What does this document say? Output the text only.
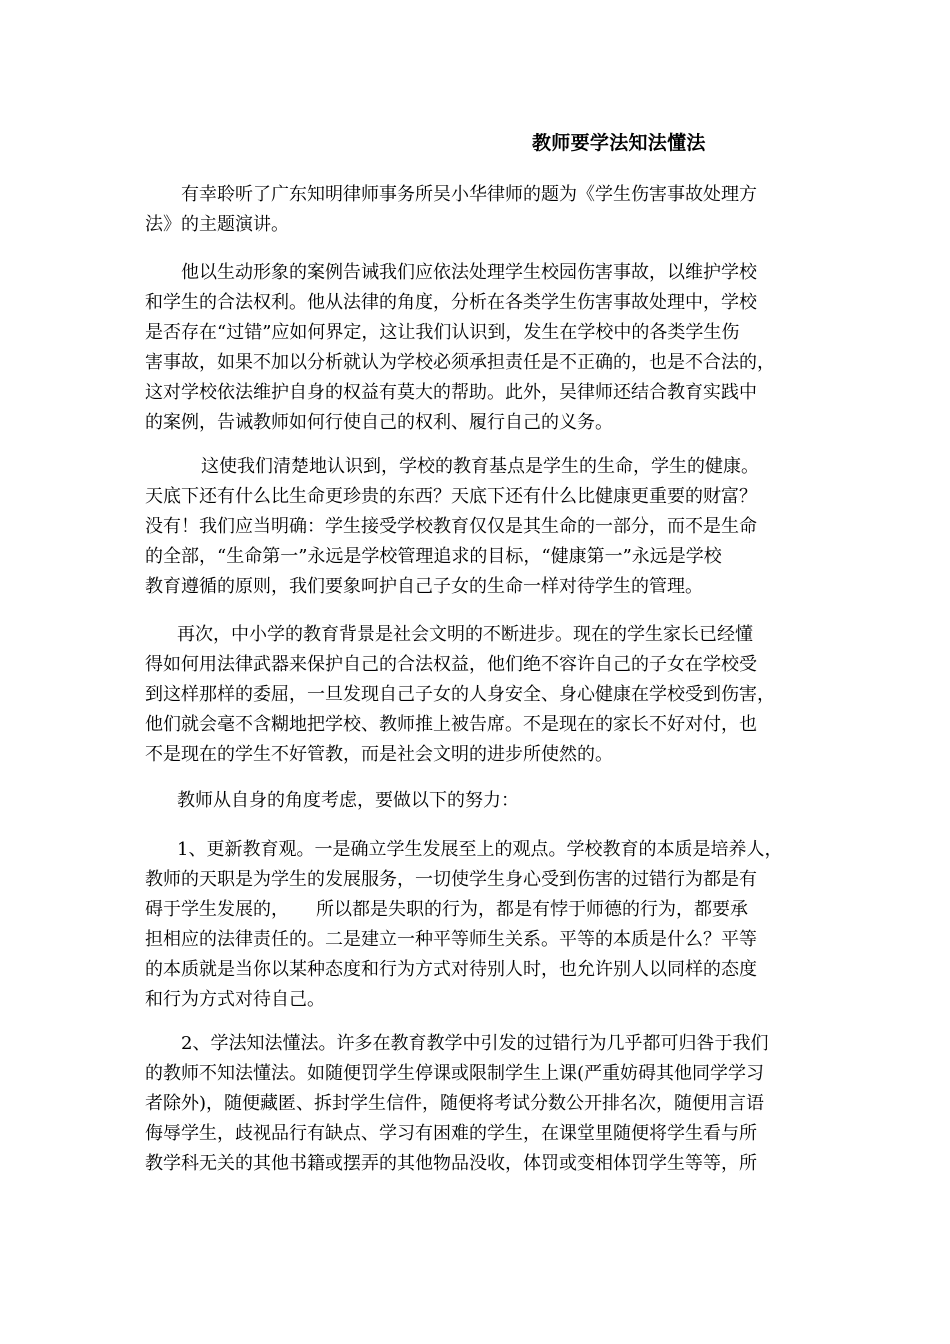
教师要学法知法懂法
有幸聆听了广东知明律师事务所吴小华律师的题为《学生伤害事故处理方
法》的主题演讲。
他以生动形象的案例告诫我们应依法处理学生校园伤害事故，以维护学校
和学生的合法权利。他从法律的角度，分析在各类学生伤害事故处理中，学校
是否存在“过错”应如何界定，这让我们认识到，发生在学校中的各类学生伤
害事故，如果不加以分析就认为学校必须承担责任是不正确的，也是不合法的，
这对学校依法维护自身的权益有莫大的帮助。此外，吴律师还结合教育实践中
的案例，告诫教师如何行使自己的权利、履行自己的义务。
这使我们清楚地认识到，学校的教育基点是学生的生命，学生的健康。
天底下还有什么比生命更珍贵的东西？天底下还有什么比健康更重要的财富？
没有！我们应当明确：学生接受学校教育仅仅是其生命的一部分，而不是生命
的全部，“生命第一”永远是学校管理追求的目标，“健康第一”永远是学校
教育遵循的原则，我们要象呵护自己子女的生命一样对待学生的管理。
再次，中小学的教育背景是社会文明的不断进步。现在的学生家长已经懂
得如何用法律武器来保护自己的合法权益，他们绝不容许自己的子女在学校受
到这样那样的委屈，一旦发现自己子女的人身安全、身心健康在学校受到伤害，
他们就会毫不含糊地把学校、教师推上被告席。不是现在的家长不好对付，也
不是现在的学生不好管教，而是社会文明的进步所使然的。
教师从自身的角度考虑，要做以下的努力：
1、更新教育观。一是确立学生发展至上的观点。学校教育的本质是培养人，
教师的天职是为学生的发展服务，一切使学生身心受到伤害的过错行为都是有
碍于学生发展的，　　所以都是失职的行为，都是有悖于师德的行为，都要承
担相应的法律责任的。二是建立一种平等师生关系。平等的本质是什么？平等
的本质就是当你以某种态度和行为方式对待别人时，也允许别人以同样的态度
和行为方式对待自己。
2、学法知法懂法。许多在教育教学中引发的过错行为几乎都可归咎于我们
的教师不知法懂法。如随便罚学生停课或限制学生上课(严重妨碍其他同学学习
者除外)，随便藏匿、拆封学生信件，随便将考试分数公开排名次，随便用言语
侮辱学生，歧视品行有缺点、学习有困难的学生，在课堂里随便将学生看与所
教学科无关的其他书籍或摆弄的其他物品没收，体罚或变相体罚学生等等，所
